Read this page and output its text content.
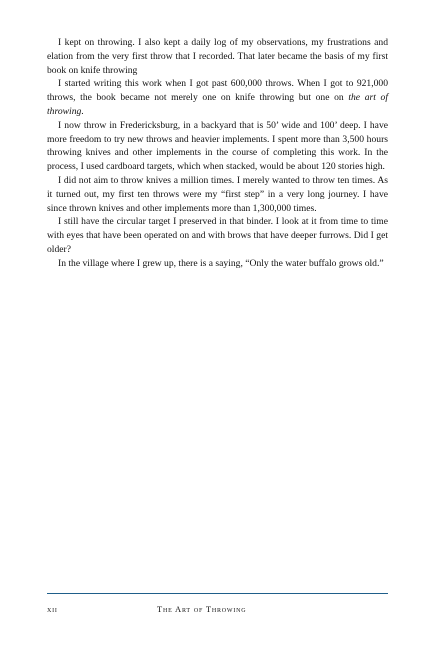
I kept on throwing. I also kept a daily log of my observations, my frustrations and elation from the very first throw that I recorded. That later became the basis of my first book on knife throwing

I started writing this work when I got past 600,000 throws. When I got to 921,000 throws, the book became not merely one on knife throwing but one on the art of throwing.

I now throw in Fredericksburg, in a backyard that is 50’ wide and 100’ deep. I have more freedom to try new throws and heavier implements. I spent more than 3,500 hours throwing knives and other implements in the course of completing this work. In the process, I used cardboard targets, which when stacked, would be about 120 stories high.

I did not aim to throw knives a million times. I merely wanted to throw ten times. As it turned out, my first ten throws were my “first step” in a very long journey. I have since thrown knives and other implements more than 1,300,000 times.

I still have the circular target I preserved in that binder. I look at it from time to time with eyes that have been operated on and with brows that have deeper furrows. Did I get older?

In the village where I grew up, there is a saying, “Only the water buffalo grows old.”

xii	The Art of Throwing
